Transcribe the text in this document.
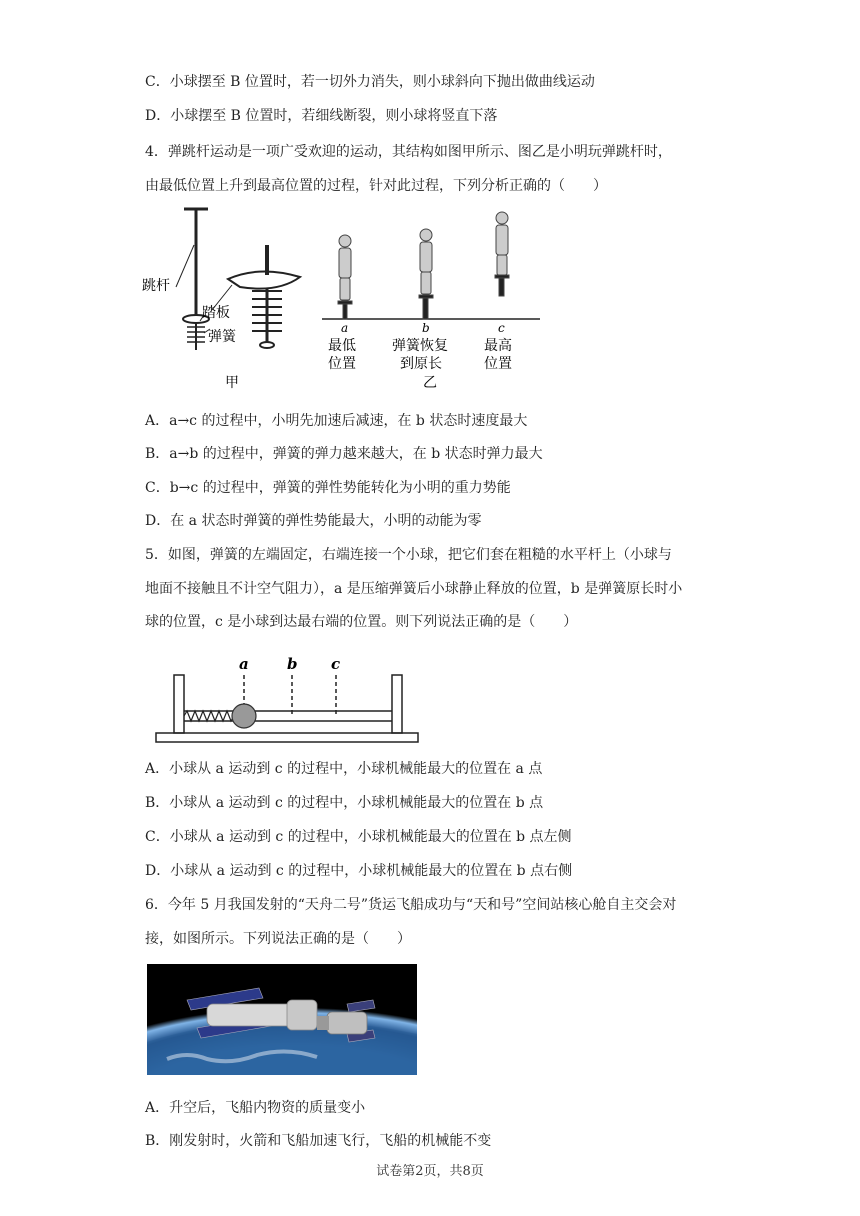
C．小球摆至 B 位置时，若一切外力消失，则小球斜向下抛出做曲线运动
D．小球摆至 B 位置时，若细线断裂，则小球将竖直下落
4．弹跳杆运动是一项广受欢迎的运动，其结构如图甲所示、图乙是小明玩弹跳杆时，
由最低位置上升到最高位置的过程，针对此过程，下列分析正确的（　　）
跳杆
踏板
弹簧
甲
a
最低
位置
b
弹簧恢复
到原长
c
最高
位置
乙
A．a→c 的过程中，小明先加速后减速，在 b 状态时速度最大
B．a→b 的过程中，弹簧的弹力越来越大，在 b 状态时弹力最大
C．b→c 的过程中，弹簧的弹性势能转化为小明的重力势能
D．在 a 状态时弹簧的弹性势能最大，小明的动能为零
5．如图，弹簧的左端固定，右端连接一个小球，把它们套在粗糙的水平杆上（小球与
地面不接触且不计空气阻力），a 是压缩弹簧后小球静止释放的位置，b 是弹簧原长时小
球的位置，c 是小球到达最右端的位置。则下列说法正确的是（　　）
a	b c
A．小球从 a 运动到 c 的过程中，小球机械能最大的位置在 a 点
B．小球从 a 运动到 c 的过程中，小球机械能最大的位置在 b 点
C．小球从 a 运动到 c 的过程中，小球机械能最大的位置在 b 点左侧
D．小球从 a 运动到 c 的过程中，小球机械能最大的位置在 b 点右侧
6．今年 5 月我国发射的“天舟二号”货运飞船成功与“天和号”空间站核心舱自主交会对
接，如图所示。下列说法正确的是（　　）
A．升空后，飞船内物资的质量变小
B．刚发射时，火箭和飞船加速飞行，飞船的机械能不变
试卷第2页，共8页
